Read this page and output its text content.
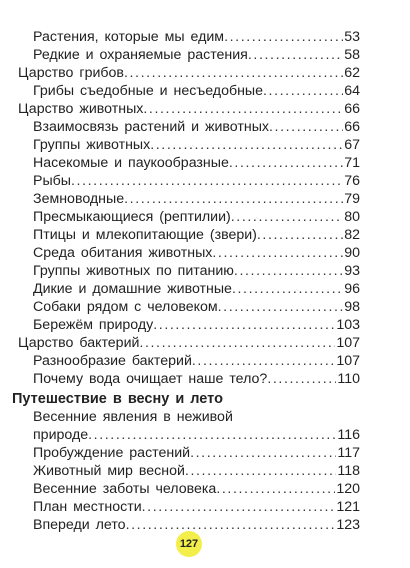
Растения, которые мы едим .....	53
Редкие и охраняемые растения .....	58
Царство грибов .....	62
Грибы съедобные и несъедобные .....	64
Царство животных .....	66
Взаимосвязь растений и животных .....	66
Группы животных .....	67
Насекомые и паукообразные .....	71
Рыбы .....	76
Земноводные .....	79
Пресмыкающиеся (рептилии) .....	80
Птицы и млекопитающие (звери) .....	82
Среда обитания животных .....	90
Группы животных по питанию .....	93
Дикие и домашние животные .....	96
Собаки рядом с человеком .....	98
Бережём природу .....	103
Царство бактерий .....	107
Разнообразие бактерий .....	107
Почему вода очищает наше тело? .....	110
Путешествие в весну и лето
Весенние явления в неживой
природе .....	116
Пробуждение растений .....	117
Животный мир весной .....	118
Весенние заботы человека .....	120
План местности .....	121
Впереди лето .....	123
127
